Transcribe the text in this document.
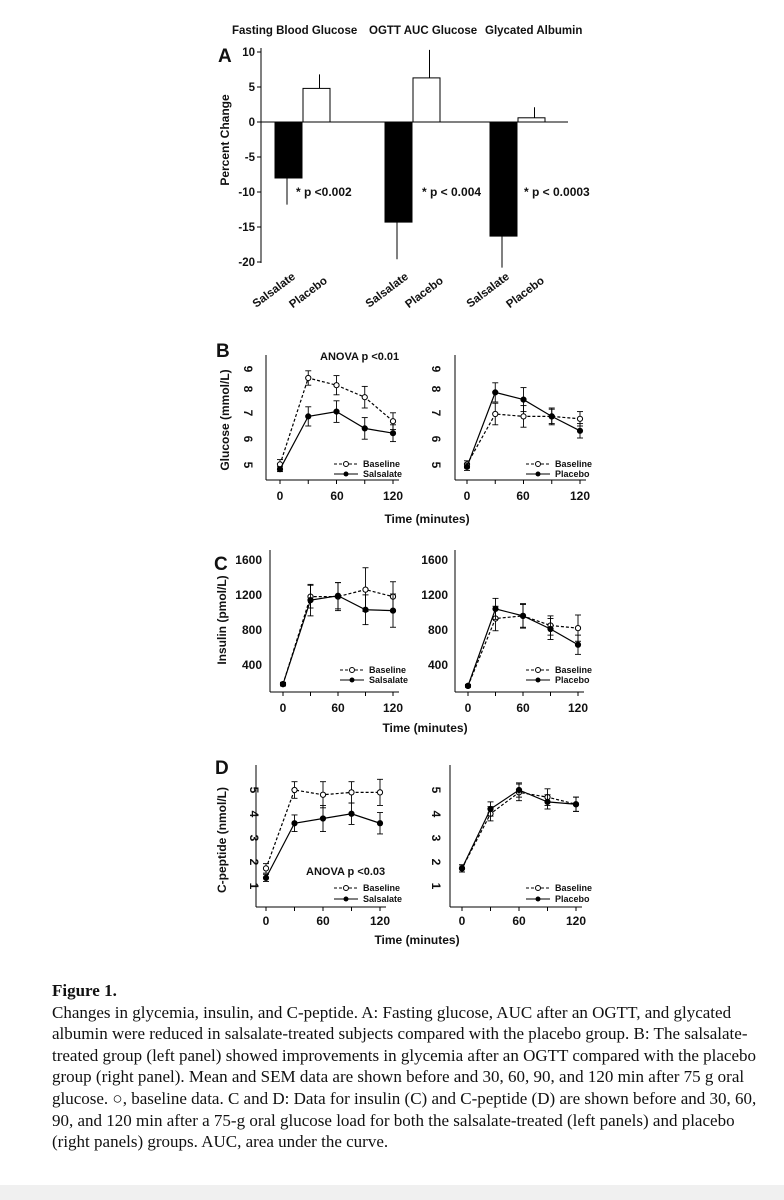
Fasting Blood Glucose OGTT AUC Glucose Glycated Albumin
A
Percent Change
10
5
0
-5
-10
-15
-20
* p <0.002	* p < 0.004	* p < 0.0003
Salsalate
Placebo	Salsalate
Placebo Salsalate
Placebo
B
Glucose (mmol/L)
ANOVA p <0.01
9
8
7
6
5
9
8
7
6
5
0	60	120	0	60	120
Time (minutes)
Baseline
Salsalate
Baseline
Placebo
C
Insulin (pmol/L)
1600
1200
800
400
1600
1200
800
400
0	60	120	0	60	120
Time (minutes)
Baseline
Salsalate
Baseline
Placebo
D
C-peptide (nmol/L)	ANOVA p <0.03
5
4
3
2
1
5
4
3
2
1
0	60	120	0	60	120
Time (minutes)
Baseline
Salsalate
Baseline
Placebo
Figure 1.

Changes in glycemia, insulin, and C-peptide. A: Fasting glucose, AUC after an OGTT, and glycated albumin were reduced in salsalate-treated subjects compared with the placebo group. B: The salsalate-treated group (left panel) showed improvements in glycemia after an OGTT compared with the placebo group (right panel). Mean and SEM data are shown before and 30, 60, 90, and 120 min after 75 g oral glucose. ○, baseline data. C and D: Data for insulin (C) and C-peptide (D) are shown before and 30, 60, 90, and 120 min after a 75-g oral glucose load for both the salsalate-treated (left panels) and placebo (right panels) groups. AUC, area under the curve.
